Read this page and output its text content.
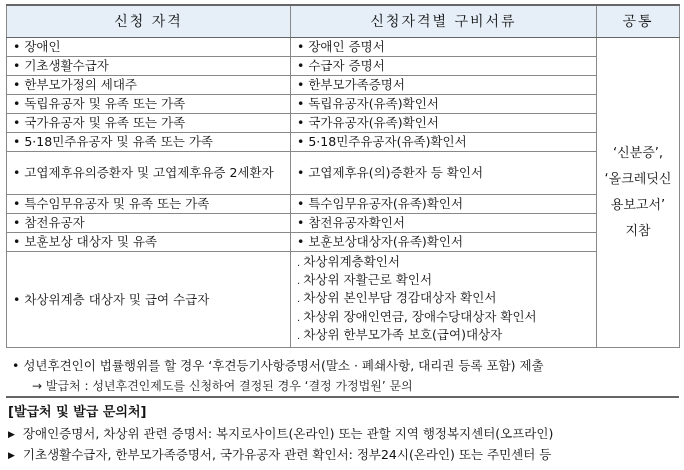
신청 자격	신청자격별 구비서류	공통
• 장애인	• 장애인 증명서	‘신분증’,
‘올크레딧신
용보고서’
지참

• 기초생활수급자	• 수급자 증명서
• 한부모가정의 세대주	• 한부모가족증명서
• 독립유공자 및 유족 또는 가족	• 독립유공자(유족)확인서
• 국가유공자 및 유족 또는 가족	• 국가유공자(유족)확인서
• 5·18민주유공자 및 유족 또는 가족	• 5·18민주유공자(유족)확인서
• 고엽제후유의증환자 및 고엽제후유증 2세환자	• 고엽제후유(의)증환자 등 확인서
• 특수임무유공자 및 유족 또는 가족	• 특수임무유공자(유족)확인서
• 참전유공자	• 참전유공자확인서
• 보훈보상 대상자 및 유족	• 보훈보상대상자(유족)확인서
• 차상위계층 대상자 및 급여 수급자	. 차상위계층확인서
. 차상위 자활근로 확인서
. 차상위 본인부담 경감대상자 확인서
. 차상위 장애인연금, 장애수당대상자 확인서
. 차상위 한부모가족 보호(급여)대상자
• 성년후견인이 법률행위를 할 경우 ‘후견등기사항증명서(말소 · 폐쇄사항, 대리권 등록 포함) 제출
→ 발급처 : 성년후견인제도를 신청하여 결정된 경우 ‘결정 가정법원’ 문의
[발급처 및 발급 문의처]
▶ 장애인증명서, 차상위 관련 증명서: 복지로사이트(온라인) 또는 관할 지역 행정복지센터(오프라인)
▶ 기초생활수급자, 한부모가족증명서, 국가유공자 관련 확인서: 정부24시(온라인) 또는 주민센터 등
